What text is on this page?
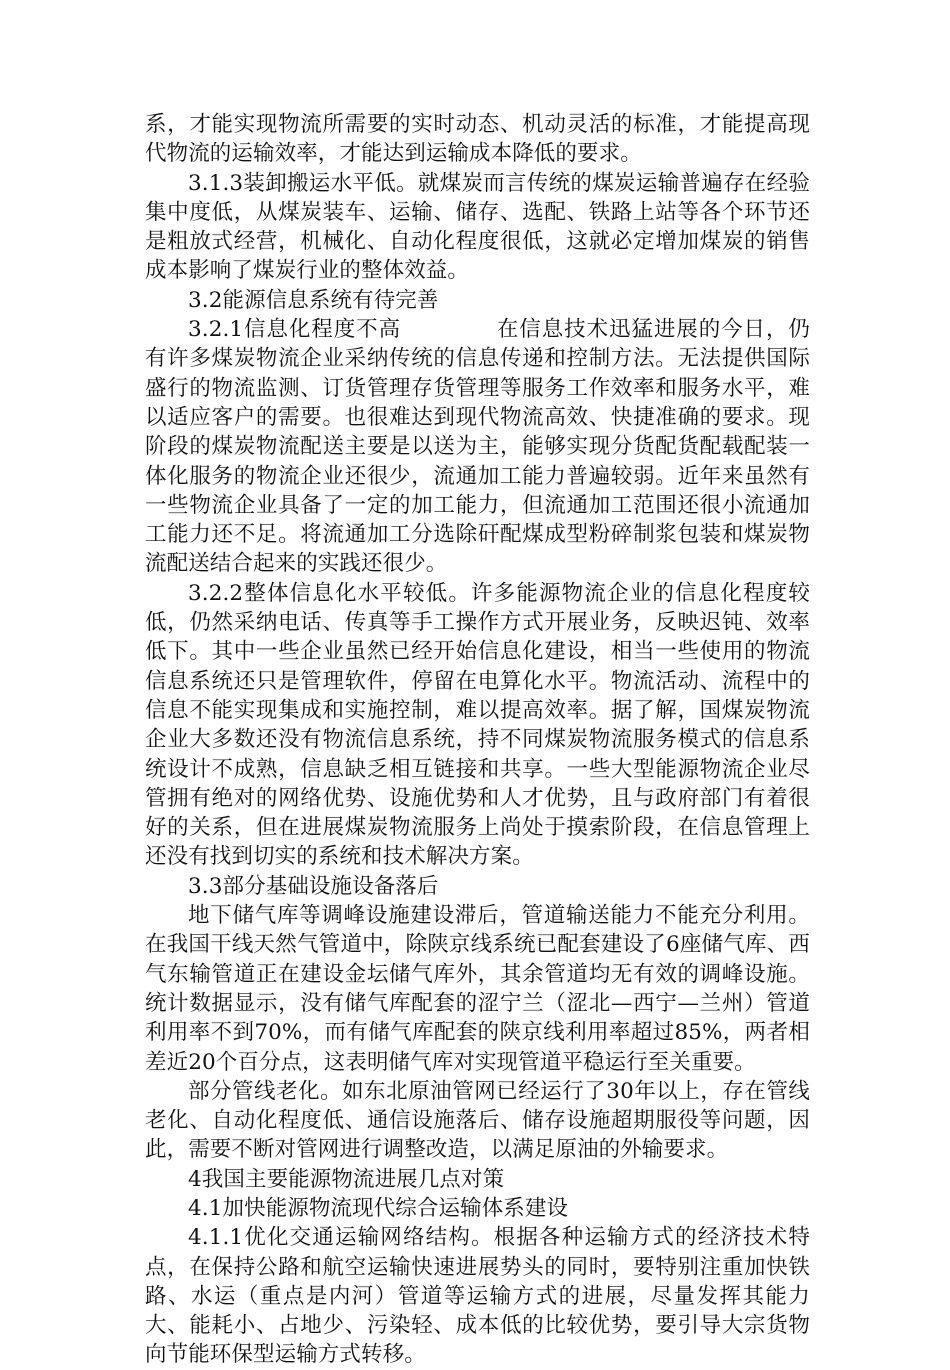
系，才能实现物流所需要的实时动态、机动灵活的标准，才能提高现代物流的运输效率，才能达到运输成本降低的要求。

3.1.3装卸搬运水平低。就煤炭而言传统的煤炭运输普遍存在经验集中度低，从煤炭装车、运输、储存、选配、铁路上站等各个环节还是粗放式经营，机械化、自动化程度很低，这就必定增加煤炭的销售成本影响了煤炭行业的整体效益。

3.2能源信息系统有待完善

3.2.1信息化程度不高	在信息技术迅猛进展的今日，仍有许多煤炭物流企业采纳传统的信息传递和控制方法。无法提供国际盛行的物流监测、订货管理存货管理等服务工作效率和服务水平，难以适应客户的需要。也很难达到现代物流高效、快捷准确的要求。现阶段的煤炭物流配送主要是以送为主，能够实现分货配货配载配装一体化服务的物流企业还很少，流通加工能力普遍较弱。近年来虽然有一些物流企业具备了一定的加工能力，但流通加工范围还很小流通加工能力还不足。将流通加工分选除矸配煤成型粉碎制浆包装和煤炭物流配送结合起来的实践还很少。

3.2.2整体信息化水平较低。许多能源物流企业的信息化程度较低，仍然采纳电话、传真等手工操作方式开展业务，反映迟钝、效率低下。其中一些企业虽然已经开始信息化建设，相当一些使用的物流信息系统还只是管理软件，停留在电算化水平。物流活动、流程中的信息不能实现集成和实施控制，难以提高效率。据了解，国煤炭物流企业大多数还没有物流信息系统，持不同煤炭物流服务模式的信息系统设计不成熟，信息缺乏相互链接和共享。一些大型能源物流企业尽管拥有绝对的网络优势、设施优势和人才优势，且与政府部门有着很好的关系，但在进展煤炭物流服务上尚处于摸索阶段，在信息管理上还没有找到切实的系统和技术解决方案。

3.3部分基础设施设备落后

地下储气库等调峰设施建设滞后，管道输送能力不能充分利用。在我国干线天然气管道中，除陕京线系统已配套建设了6座储气库、西气东输管道正在建设金坛储气库外，其余管道均无有效的调峰设施。统计数据显示，没有储气库配套的涩宁兰（涩北—西宁—兰州）管道利用率不到70%，而有储气库配套的陕京线利用率超过85%，两者相差近20个百分点，这表明储气库对实现管道平稳运行至关重要。

部分管线老化。如东北原油管网已经运行了30年以上，存在管线老化、自动化程度低、通信设施落后、储存设施超期服役等问题，因此，需要不断对管网进行调整改造，以满足原油的外输要求。

4我国主要能源物流进展几点对策

4.1加快能源物流现代综合运输体系建设

4.1.1优化交通运输网络结构。根据各种运输方式的经济技术特点，在保持公路和航空运输快速进展势头的同时，要特别注重加快铁路、水运（重点是内河）管道等运输方式的进展，尽量发挥其能力大、能耗小、占地少、污染轻、成本低的比较优势，要引导大宗货物向节能环保型运输方式转移。
